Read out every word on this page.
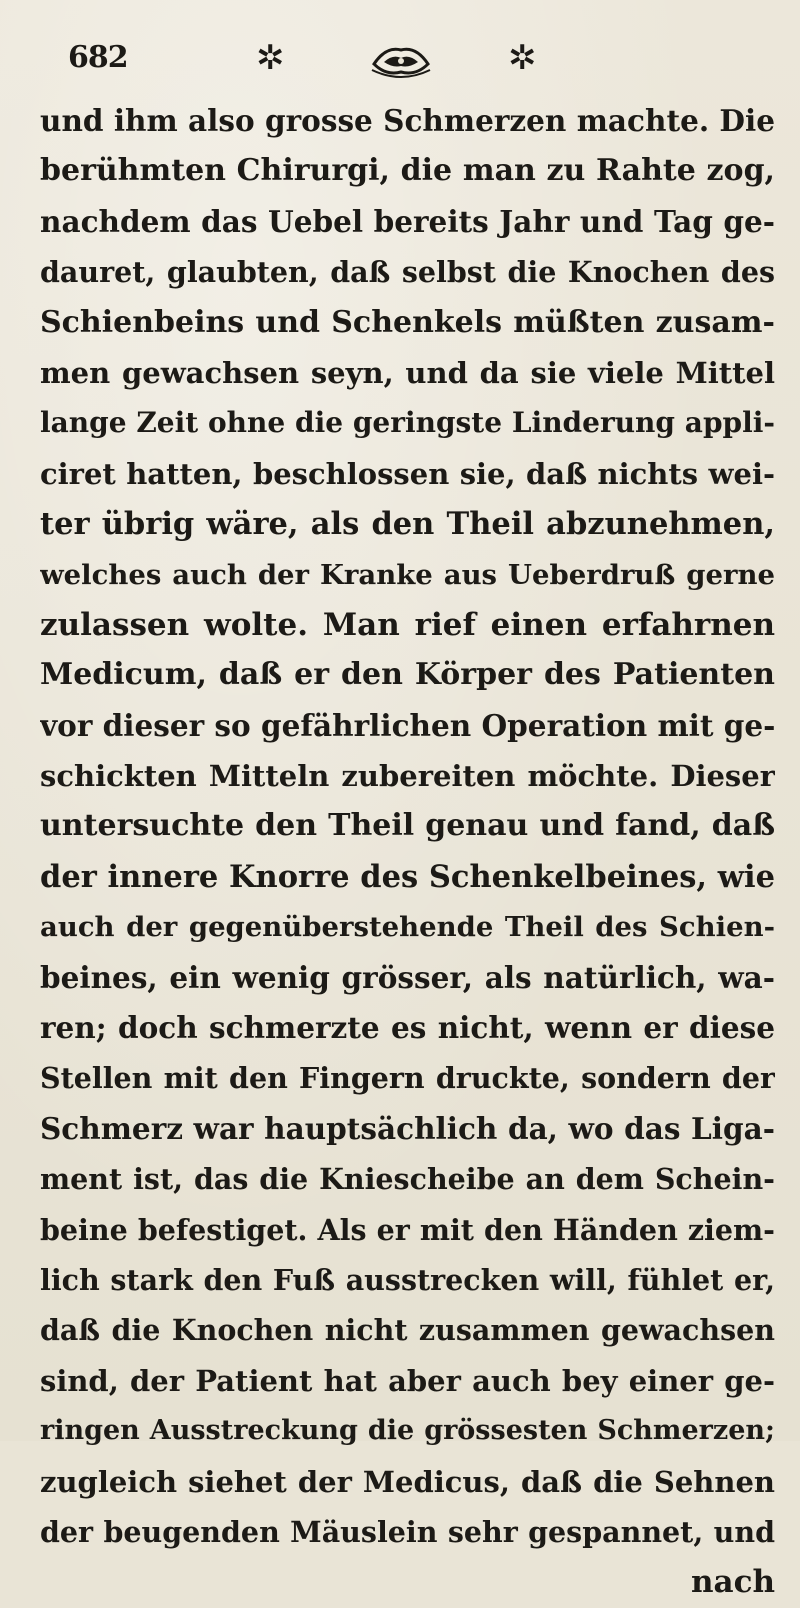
682	✲	✲
und ihm also grosse Schmerzen machte. Die
berühmten Chirurgi, die man zu Rahte zog,
nachdem das Uebel bereits Jahr und Tag ge-
dauret, glaubten, daß selbst die Knochen des
Schienbeins und Schenkels müßten zusam-
men gewachsen seyn, und da sie viele Mittel
lange Zeit ohne die geringste Linderung appli-
ciret hatten, beschlossen sie, daß nichts wei-
ter übrig wäre, als den Theil abzunehmen,
welches auch der Kranke aus Ueberdruß gerne
zulassen wolte. Man rief einen erfahrnen
Medicum, daß er den Körper des Patienten
vor dieser so gefährlichen Operation mit ge-
schickten Mitteln zubereiten möchte. Dieser
untersuchte den Theil genau und fand, daß
der innere Knorre des Schenkelbeines, wie
auch der gegenüberstehende Theil des Schien-
beines, ein wenig grösser, als natürlich, wa-
ren; doch schmerzte es nicht, wenn er diese
Stellen mit den Fingern druckte, sondern der
Schmerz war hauptsächlich da, wo das Liga-
ment ist, das die Kniescheibe an dem Schein-
beine befestiget. Als er mit den Händen ziem-
lich stark den Fuß ausstrecken will, fühlet er,
daß die Knochen nicht zusammen gewachsen
sind, der Patient hat aber auch bey einer ge-
ringen Ausstreckung die grössesten Schmerzen;
zugleich siehet der Medicus, daß die Sehnen
der beugenden Mäuslein sehr gespannet, und
nach
